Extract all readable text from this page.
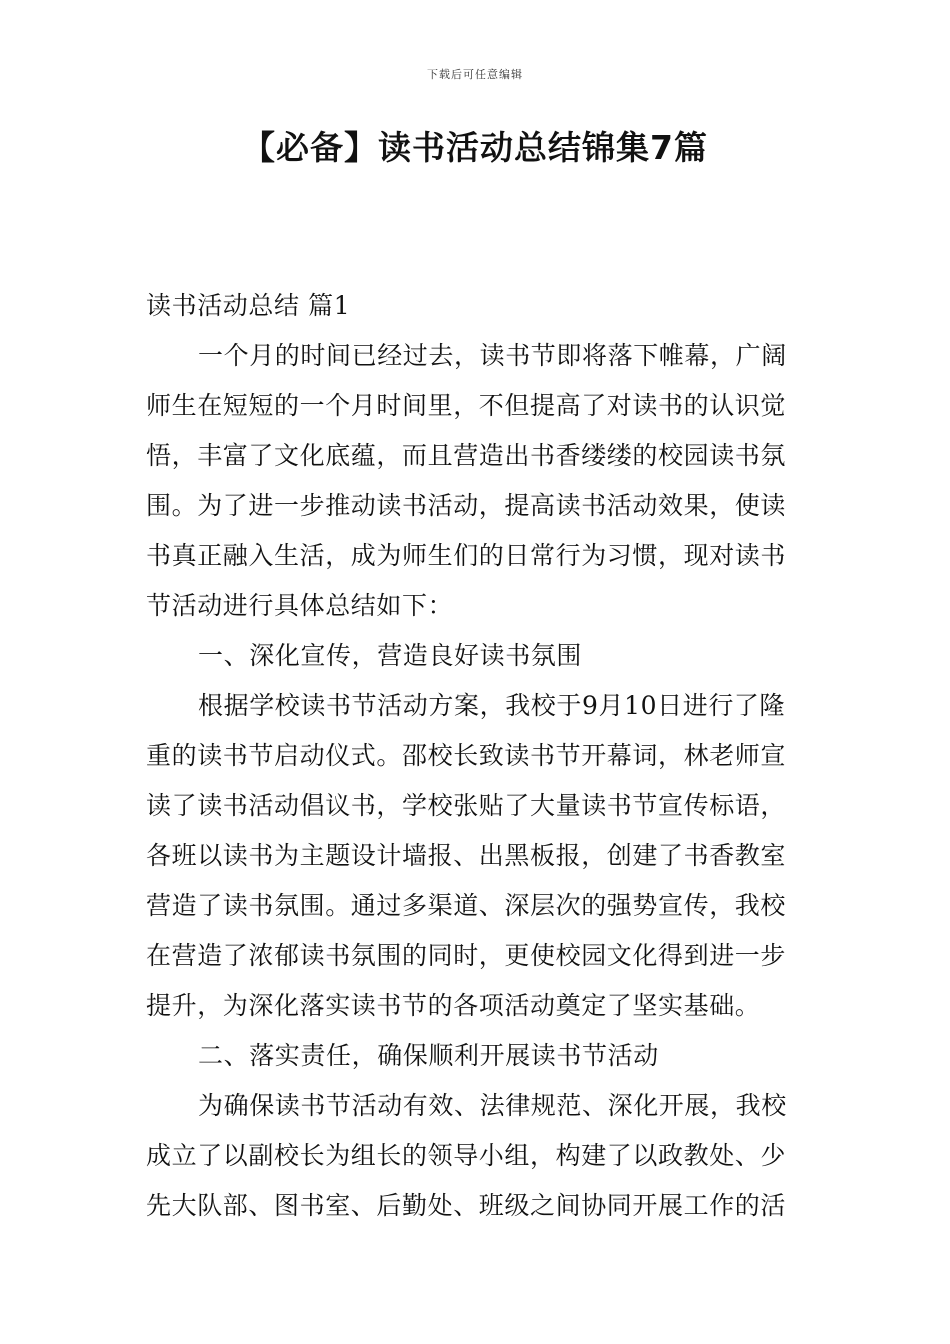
下载后可任意编辑
【必备】读书活动总结锦集7篇

读书活动总结 篇1

一个月的时间已经过去，读书节即将落下帷幕，广阔师生在短短的一个月时间里，不但提高了对读书的认识觉悟，丰富了文化底蕴，而且营造出书香缕缕的校园读书氛围。为了进一步推动读书活动，提高读书活动效果，使读书真正融入生活，成为师生们的日常行为习惯，现对读书节活动进行具体总结如下：

一、深化宣传，营造良好读书氛围

根据学校读书节活动方案，我校于9月10日进行了隆重的读书节启动仪式。邵校长致读书节开幕词，林老师宣读了读书活动倡议书，学校张贴了大量读书节宣传标语，各班以读书为主题设计墙报、出黑板报，创建了书香教室营造了读书氛围。通过多渠道、深层次的强势宣传，我校在营造了浓郁读书氛围的同时，更使校园文化得到进一步提升，为深化落实读书节的各项活动奠定了坚实基础。

二、落实责任，确保顺利开展读书节活动

为确保读书节活动有效、法律规范、深化开展，我校成立了以副校长为组长的领导小组，构建了以政教处、少先大队部、图书室、后勤处、班级之间协同开展工作的活
